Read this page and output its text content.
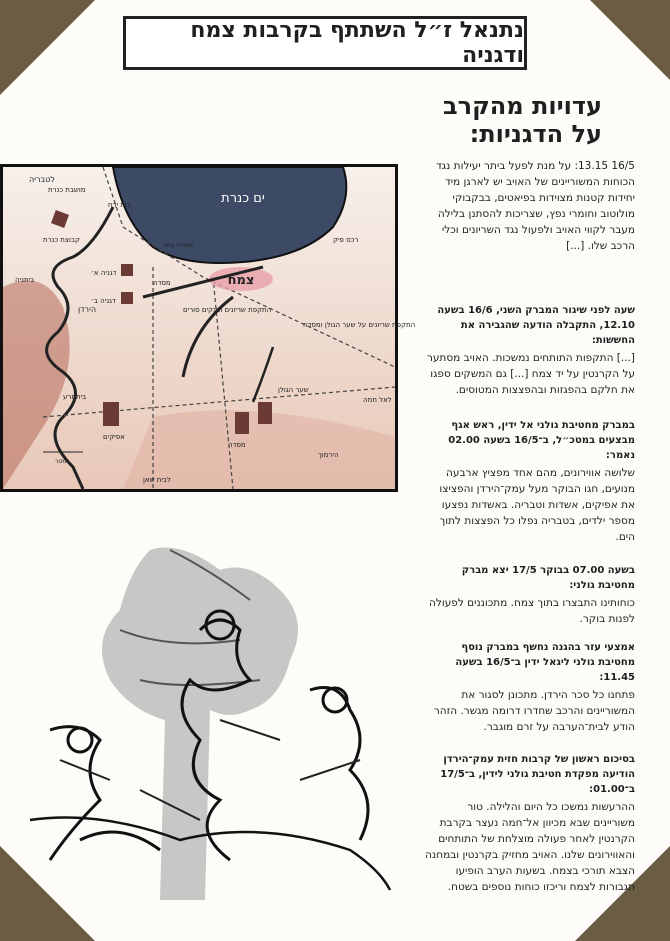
נתנאל ז״ל השתתף בקרבות צמח ודגניה
עדויות מהקרב
על הדגניות:
ים כנרת
צמח
לטבריה
מושבת כנרת
קבוצת כנרת
ביתניה
דגניה א׳
דגניה ב׳
מסדה
הירדן
בית ירח
מצודת צמח
רכס פיק
התקפת שריונים וטנקים סורים
התקפת שריונים על שער הגולן ומסדה
שער הגולן
מסדה
אפיקים
בית זרע	לאל חמה
לבית שאן
הירמוך
מטר
16/5 13.15: על מנת לפעל ביתר יעילות נגד הכוחות המשוריינים של האויב יש לארגן מיד יחידות קטנות מצוידות בפיאטים, בבקבוקי מולוטוב וחומרי נפץ, שצריכות להסתנן בלילה מעבר לקווי האויב ולפעול נגד השריונים וכלי הרכב שלו. [...]
שעה לפני שיגור המברק השני, 16/6 בשעה 12.10, התקבלה הודעה שהגבירה את החששות:
[...] התקפות התותחים נמשכות. האויב מסתער על הקרנטין על יד צמח [...] גם המשקים ספגו את חלקם בהפגזות ובהפצצות המטוסים.
במברק מחטיבת גולני אל ידין, ראש אגף מבצעים במטכ״ל, ב־16/5 בשעה 02.00 נאמר:
שלושה אווירונים, מהם אחד מפציץ ארבעה מנועים, חגו הבוקר מעל עמק־הירדן והפציצו את אפיקים, אשדות וטבריה. באשדות נפצעו מספר ילדים, בטבריה נפלו כל הפצצות לתוך הים.
בשעה 07.00 בבוקר 17/5 יצא מברק מחטיבת גולני:
כוחותינו התבצרו בתוך צמח. מתכוננים לפעולה לפנות בוקר.
אמצעי עזר בהגנה נחשף במברק נוסף מחטיבת גולני ליגאל ידין ב־16/5 בשעה 11.45:
פתחנו כל סכר הירדן. מתכונן לסגור את המשוריינים והרכב שחדרו דרומה מגשר. הזהר הודע לבית־הערבה על זרם מוגבר.
בסיכום ראשון של קרבות חזית עמק־הירדן הודיעה מפקדת חטיבת גולני לידין, ב־17/5 ב־01.00:
ההרעשות נמשכו כל היום והלילה. טור משוריינים שבא מכיוון אל־חמה נעצר בקרבת הקרנטין לאחר פעולה מוצלחת של התותחים והאווירונים שלנו. האויב מחזיק בקרנטין ובמחנה הצבא תורכי בצמח. בשעות הערב הופיעו תגבורות לצמח וריכזו כוחות נוספים בשטח.
